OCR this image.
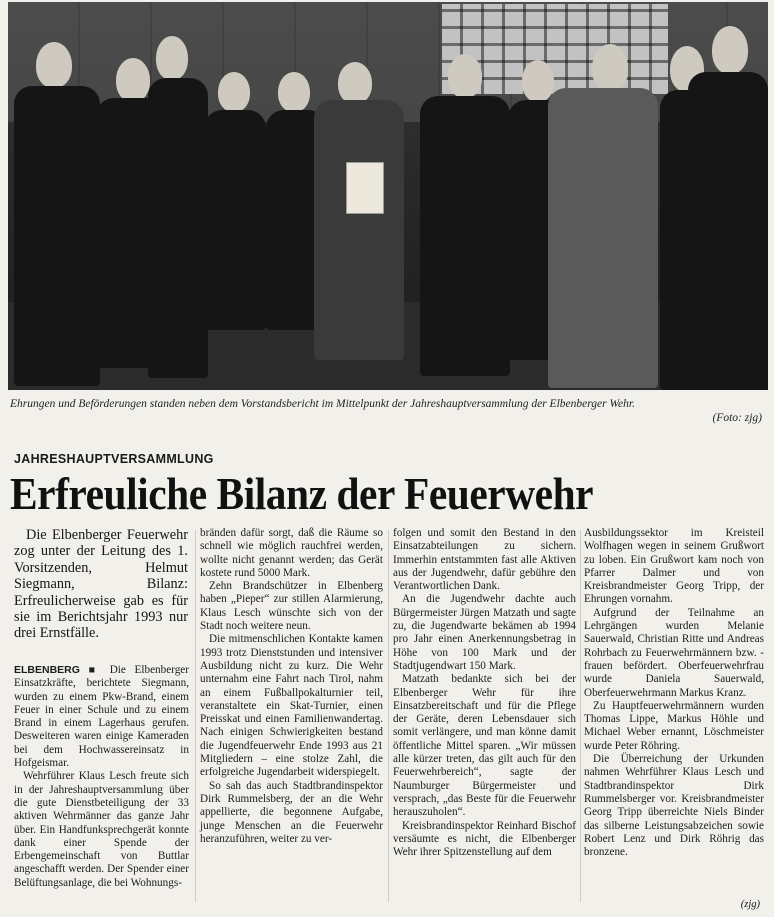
Ehrungen und Beförderungen standen neben dem Vorstandsbericht im Mittelpunkt der Jahreshauptversammlung der Elbenberger Wehr.
(Foto: zjg)
JAHRESHAUPTVERSAMMLUNG
Erfreuliche Bilanz der Feuerwehr
Die Elbenberger Feuerwehr zog unter der Leitung des 1. Vorsitzenden, Helmut Siegmann, Bilanz: Erfreulicherweise gab es für sie im Berichtsjahr 1993 nur drei Ernstfälle.

ELBENBERG ■ Die Elbenberger Einsatzkräfte, berichtete Siegmann, wurden zu einem Pkw-Brand, einem Feuer in einer Schule und zu einem Brand in einem Lagerhaus gerufen. Desweiteren waren einige Kameraden bei dem Hochwassereinsatz in Hofgeismar.

Wehrführer Klaus Lesch freute sich in der Jahreshauptversammlung über die gute Dienstbeteiligung der 33 aktiven Wehrmänner das ganze Jahr über. Ein Handfunksprechgerät konnte dank einer Spende der Erbengemeinschaft von Buttlar angeschafft werden. Der Spender einer Belüftungsanlage, die bei Wohnungs-

bränden dafür sorgt, daß die Räume so schnell wie möglich rauchfrei werden, wollte nicht genannt werden; das Gerät kostete rund 5000 Mark.

Zehn Brandschützer in Elbenberg haben „Pieper“ zur stillen Alarmierung, Klaus Lesch wünschte sich von der Stadt noch weitere neun.

Die mitmenschlichen Kontakte kamen 1993 trotz Dienststunden und intensiver Ausbildung nicht zu kurz. Die Wehr unternahm eine Fahrt nach Tirol, nahm an einem Fußballpokalturnier teil, veranstaltete ein Skat-Turnier, einen Preisskat und einen Familienwandertag. Nach einigen Schwierigkeiten bestand die Jugendfeuerwehr Ende 1993 aus 21 Mitgliedern – eine stolze Zahl, die erfolgreiche Jugendarbeit widerspiegelt.

So sah das auch Stadtbrandinspektor Dirk Rummelsberg, der an die Wehr appellierte, die begonnene Aufgabe, junge Menschen an die Feuerwehr heranzuführen, weiter zu ver-

folgen und somit den Bestand in den Einsatzabteilungen zu sichern. Immerhin entstammten fast alle Aktiven aus der Jugendwehr, dafür gebühre den Verantwortlichen Dank.

An die Jugendwehr dachte auch Bürgermeister Jürgen Matzath und sagte zu, die Jugendwarte bekämen ab 1994 pro Jahr einen Anerkennungsbetrag in Höhe von 100 Mark und der Stadtjugendwart 150 Mark.

Matzath bedankte sich bei der Elbenberger Wehr für ihre Einsatzbereitschaft und für die Pflege der Geräte, deren Lebensdauer sich somit verlängere, und man könne damit öffentliche Mittel sparen. „Wir müssen alle kürzer treten, das gilt auch für den Feuerwehrbereich“, sagte der Naumburger Bürgermeister und versprach, „das Beste für die Feuerwehr herauszuholen“.

Kreisbrandinspektor Reinhard Bischof versäumte es nicht, die Elbenberger Wehr ihrer Spitzenstellung auf dem

Ausbildungssektor im Kreisteil Wolfhagen wegen in seinem Grußwort zu loben. Ein Grußwort kam noch von Pfarrer Dalmer und von Kreisbrandmeister Georg Tripp, der Ehrungen vornahm.

Aufgrund der Teilnahme an Lehrgängen wurden Melanie Sauerwald, Christian Ritte und Andreas Rohrbach zu Feuerwehrmännern bzw. -frauen befördert. Oberfeuerwehrfrau wurde Daniela Sauerwald, Oberfeuerwehrmann Markus Kranz.

Zu Hauptfeuerwehrmännern wurden Thomas Lippe, Markus Höhle und Michael Weber ernannt, Löschmeister wurde Peter Röhring.

Die Überreichung der Urkunden nahmen Wehrführer Klaus Lesch und Stadtbrandinspektor Dirk Rummelsberger vor. Kreisbrandmeister Georg Tripp überreichte Niels Binder das silberne Leistungsabzeichen sowie Robert Lenz und Dirk Röhrig das bronzene.

(zjg)
